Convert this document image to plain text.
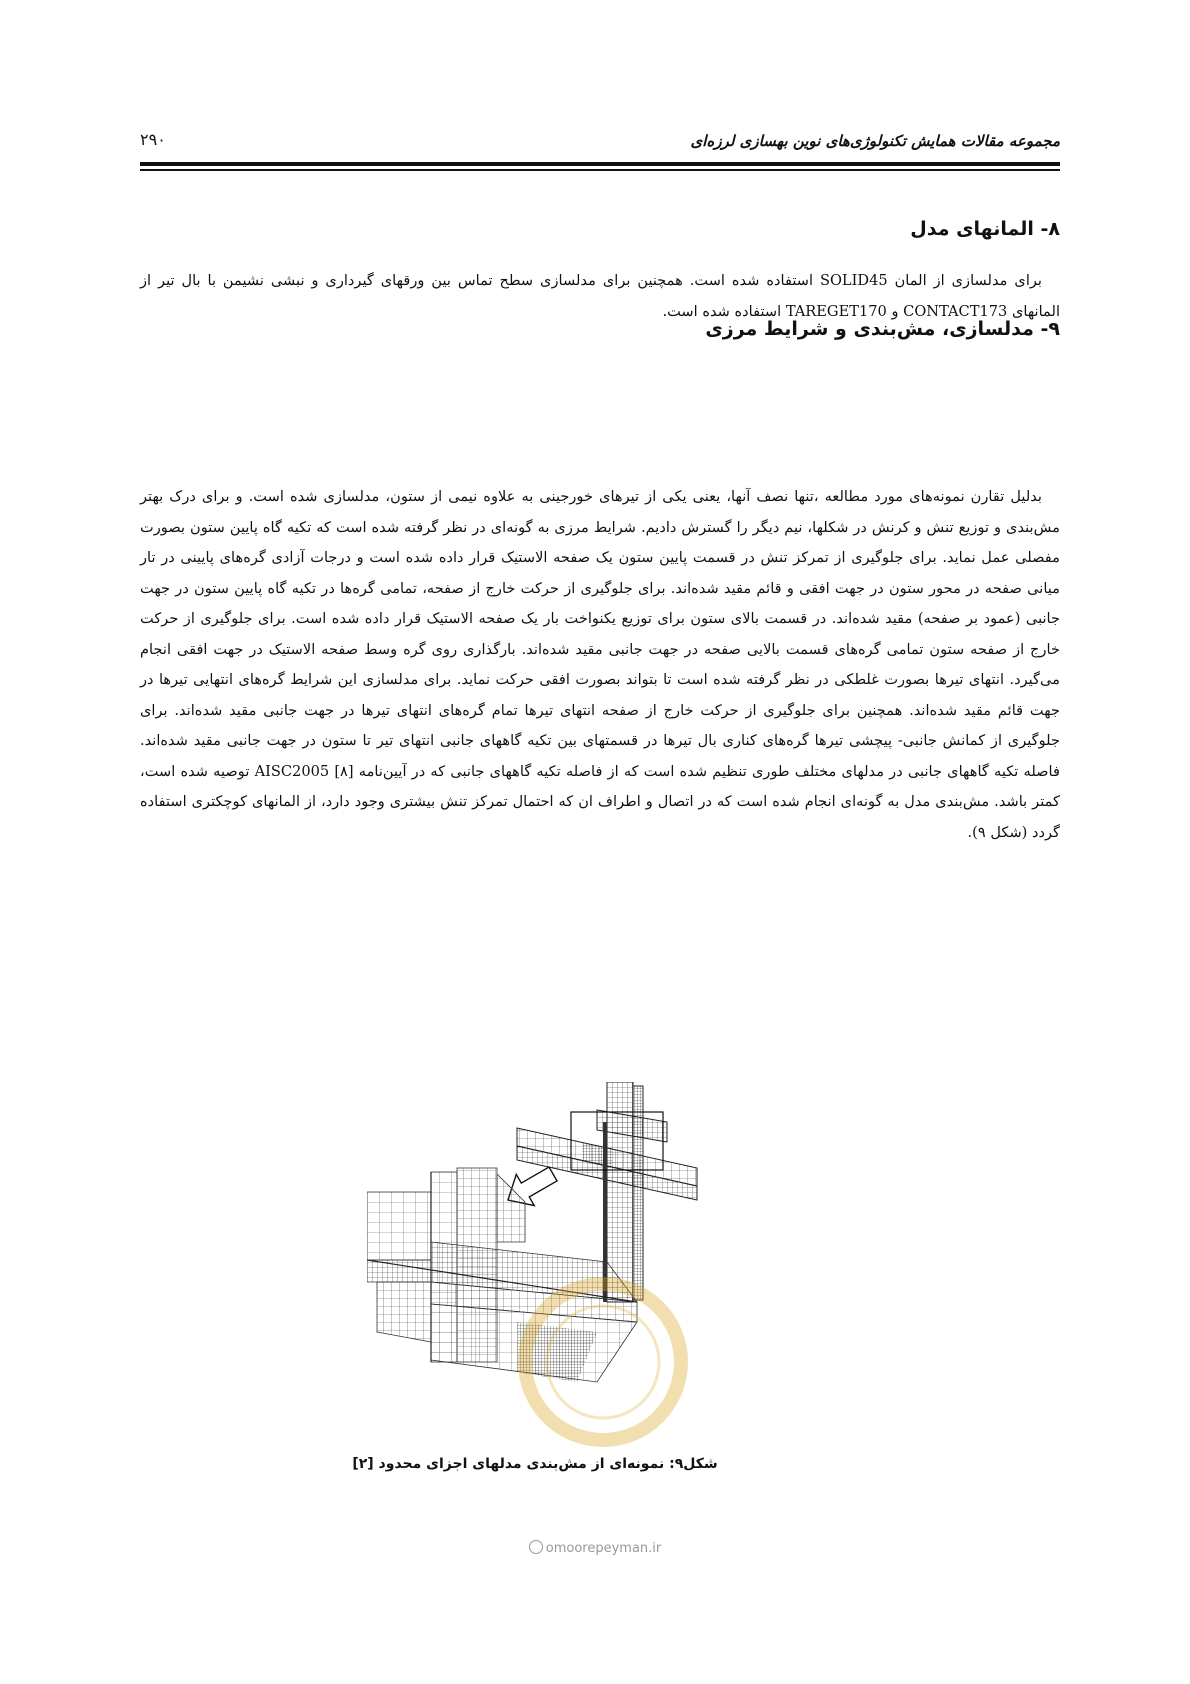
مجموعه مقالات همایش تکنولوژی‌های نوین بهسازی لرزه‌ای
۲۹۰
۸- المانهای مدل
برای مدلسازی از المان SOLID45 استفاده شده است. همچنین برای مدلسازی سطح تماس بین ورقهای گیرداری و نبشی نشیمن با بال تیر از المانهای CONTACT173 و TAREGET170 استفاده شده است.
۹- مدلسازی، مش‌بندی و شرایط مرزی
بدلیل تقارن نمونه‌های مورد مطالعه ،تنها نصف آنها، یعنی یکی از تیرهای خورجینی به علاوه نیمی از ستون، مدلسازی شده است. و برای درک بهتر مش‌بندی و توزیع تنش و کرنش در شکلها، نیم دیگر را گسترش دادیم. شرایط مرزی به گونه‌ای در نظر گرفته شده است که تکیه گاه پایین ستون بصورت مفصلی عمل نماید. برای جلوگیری از تمرکز تنش در قسمت پایین ستون یک صفحه الاستیک قرار داده شده است و درجات آزادی گره‌های پایینی در تار میانی صفحه در محور ستون در جهت افقی و قائم مقید شده‌اند. برای جلوگیری از حرکت خارج از صفحه، تمامی گره‌ها در تکیه گاه پایین ستون در جهت جانبی (عمود بر صفحه) مقید شده‌اند. در قسمت بالای ستون برای توزیع یکنواخت بار یک صفحه الاستیک قرار داده شده است. برای جلوگیری از حرکت خارج از صفحه ستون تمامی گره‌های قسمت بالایی صفحه در جهت جانبی مقید شده‌اند. بارگذاری روی گره وسط صفحه الاستیک در جهت افقی انجام می‌گیرد. انتهای تیرها بصورت غلطکی در نظر گرفته شده است تا بتواند بصورت افقی حرکت نماید. برای مدلسازی این شرایط گره‌های انتهایی تیرها در جهت قائم مقید شده‌اند. همچنین برای جلوگیری از حرکت خارج از صفحه انتهای تیرها تمام گره‌های انتهای تیرها در جهت جانبی مقید شده‌اند. برای جلوگیری از کمانش جانبی- پیچشی تیرها گره‌های کناری بال تیرها در قسمتهای بین تکیه گاههای جانبی انتهای تیر تا ستون در جهت جانبی مقید شده‌اند. فاصله تکیه گاههای جانبی در مدلهای مختلف طوری تنظیم شده است که از فاصله تکیه گاههای جانبی که در آیین‌نامه AISC2005 [۸] توصیه شده است، کمتر باشد. مش‌بندی مدل به گونه‌ای انجام شده است که در اتصال و اطراف ان که احتمال تمرکز تنش بیشتری وجود دارد، از المانهای کوچکتری استفاده گردد (شکل ۹).
شکل۹: نمونه‌ای از مش‌بندی مدلهای اجزای محدود [۲]
omoorepeyman.ir
